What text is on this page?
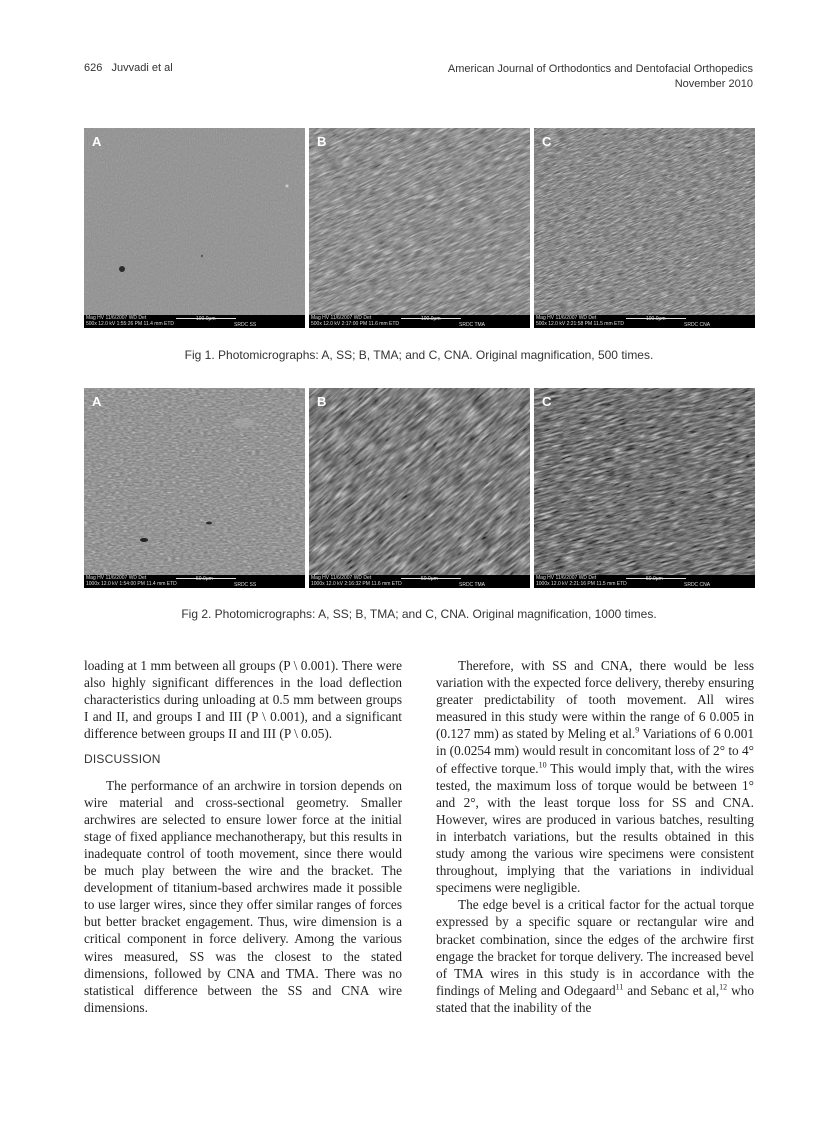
626 Juvvadi et al	American Journal of Orthodontics and Dentofacial Orthopedics
November 2010
A
Mag HV 11/6/2007 WD Det
500x 12.0 kV 1:55:26 PM 11.4 mm ETD
100.0μm
SRDC SS
B
Mag HV 11/6/2007 WD Det
500x 12.0 kV 2:17:00 PM 11.6 mm ETD
100.0μm
SRDC TMA
C
Mag HV 11/6/2007 WD Det
500x 12.0 kV 2:21:58 PM 11.5 mm ETD
100.0μm
SRDC CNA
Fig 1. Photomicrographs: A, SS; B, TMA; and C, CNA. Original magnification, 500 times.
A
Mag HV 11/6/2007 WD Det
1000x 12.0 kV 1:54:00 PM 11.4 mm ETD
50.0μm
SRDC SS
B
Mag HV 11/6/2007 WD Det
1000x 12.0 kV 2:16:32 PM 11.6 mm ETD
50.0μm
SRDC TMA
C
Mag HV 11/6/2007 WD Det
1000x 12.0 kV 2:21:16 PM 11.5 mm ETD
50.0μm
SRDC CNA
Fig 2. Photomicrographs: A, SS; B, TMA; and C, CNA. Original magnification, 1000 times.

loading at 1 mm between all groups (P \ 0.001). There were also highly significant differences in the load deflection characteristics during unloading at 0.5 mm between groups I and II, and groups I and III (P \ 0.001), and a significant difference between groups II and III (P \ 0.05).

DISCUSSION

The performance of an archwire in torsion depends on wire material and cross-sectional geometry. Smaller archwires are selected to ensure lower force at the initial stage of fixed appliance mechanotherapy, but this results in inadequate control of tooth movement, since there would be much play between the wire and the bracket. The development of titanium-based archwires made it possible to use larger wires, since they offer similar ranges of forces but better bracket engagement. Thus, wire dimension is a critical component in force delivery. Among the various wires measured, SS was the closest to the stated dimensions, followed by CNA and TMA. There was no statistical difference between the SS and CNA wire dimensions.

Therefore, with SS and CNA, there would be less variation with the expected force delivery, thereby ensuring greater predictability of tooth movement. All wires measured in this study were within the range of 6 0.005 in (0.127 mm) as stated by Meling et al.$^9$ Variations of 6 0.001 in (0.0254 mm) would result in concomitant loss of 2° to 4° of effective torque.$^{10}$ This would imply that, with the wires tested, the maximum loss of torque would be between 1° and 2°, with the least torque loss for SS and CNA. However, wires are produced in various batches, resulting in interbatch variations, but the results obtained in this study among the various wire specimens were consistent throughout, implying that the variations in individual specimens were negligible.

The edge bevel is a critical factor for the actual torque expressed by a specific square or rectangular wire and bracket combination, since the edges of the archwire first engage the bracket for torque delivery. The increased bevel of TMA wires in this study is in accordance with the findings of Meling and Odegaard$^{11}$ and Sebanc et al,$^{12}$ who stated that the inability of the
